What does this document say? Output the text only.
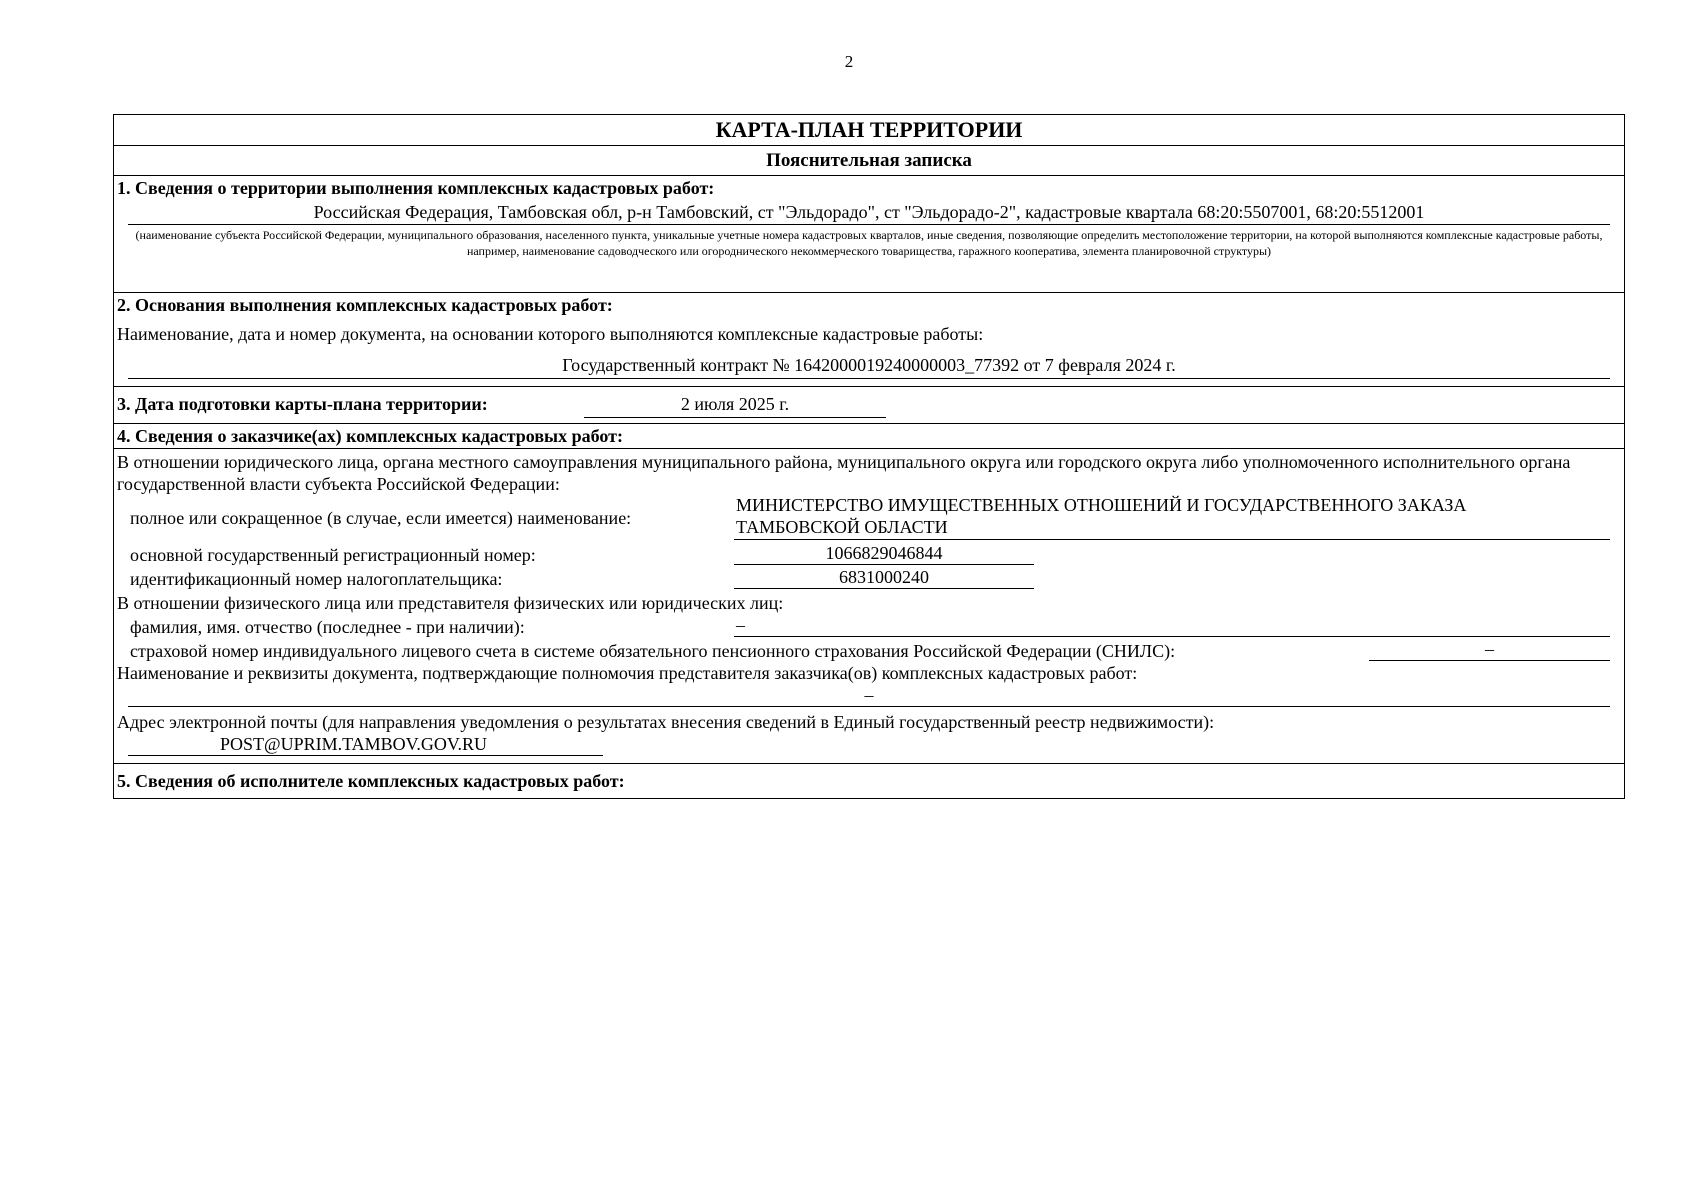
2
КАРТА-ПЛАН ТЕРРИТОРИИ
Пояснительная записка
1. Сведения о территории выполнения комплексных кадастровых работ:
Российская Федерация, Тамбовская обл, р-н Тамбовский, ст "Эльдорадо", ст "Эльдорадо-2", кадастровые квартала 68:20:5507001, 68:20:5512001
(наименование субъекта Российской Федерации, муниципального образования, населенного пункта, уникальные учетные номера кадастровых кварталов, иные сведения, позволяющие определить местоположение территории, на которой выполняются комплексные кадастровые работы, например, наименование садоводческого или огороднического некоммерческого товарищества, гаражного кооператива, элемента планировочной структуры)
2. Основания выполнения комплексных кадастровых работ:
Наименование, дата и номер документа, на основании которого выполняются комплексные кадастровые работы:
Государственный контракт № 1642000019240000003_77392 от 7 февраля 2024 г.
3. Дата подготовки карты-плана территории:	2 июля 2025 г.
4. Сведения о заказчике(ах) комплексных кадастровых работ:
В отношении юридического лица, органа местного самоуправления муниципального района, муниципального округа или городского округа либо уполномоченного исполнительного органа государственной власти субъекта Российской Федерации:
полное или сокращенное (в случае, если имеется) наименование:
МИНИСТЕРСТВО ИМУЩЕСТВЕННЫХ ОТНОШЕНИЙ И ГОСУДАРСТВЕННОГО ЗАКАЗА
ТАМБОВСКОЙ ОБЛАСТИ
основной государственный регистрационный номер:	1066829046844
идентификационный номер налогоплательщика:	6831000240
В отношении физического лица или представителя физических или юридических лиц:
фамилия, имя. отчество (последнее - при наличии):	–
страховой номер индивидуального лицевого счета в системе обязательного пенсионного страхования Российской Федерации (СНИЛС):	–
Наименование и реквизиты документа, подтверждающие полномочия представителя заказчика(ов) комплексных кадастровых работ:
–
Адрес электронной почты (для направления уведомления о результатах внесения сведений в Единый государственный реестр недвижимости):
POST@UPRIM.TAMBOV.GOV.RU
5. Сведения об исполнителе комплексных кадастровых работ:
